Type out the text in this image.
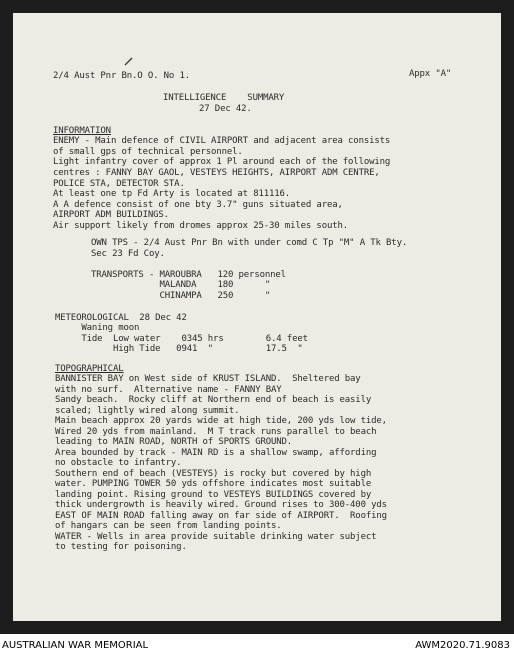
2/4 Aust Pnr Bn.O O. No 1.	Appx "A"
INTELLIGENCE    SUMMARY
27 Dec 42.
INFORMATION
ENEMY - Main defence of CIVIL AIRPORT and adjacent area consists
of small gps of technical personnel.
Light infantry cover of approx 1 Pl around each of the following
centres : FANNY BAY GAOL, VESTEYS HEIGHTS, AIRPORT ADM CENTRE,
POLICE STA, DETECTOR STA.
At least one tp Fd Arty is located at 811116.
A A defence consist of one bty 3.7" guns situated area,
AIRPORT ADM BUILDINGS.
Air support likely from dromes approx 25-30 miles south.
OWN TPS - 2/4 Aust Pnr Bn with under comd C Tp "M" A Tk Bty.
Sec 23 Fd Coy.
TRANSPORTS - MAROUBRA   120 personnel
MALANDA    180      "
CHINAMPA   250      "
METEOROLOGICAL  28 Dec 42
Waning moon
Tide  Low water    0345 hrs        6.4 feet
High Tide   0941  "          17.5  "
TOPOGRAPHICAL
BANNISTER BAY on West side of KRUST ISLAND.  Sheltered bay
with no surf.  Alternative name - FANNY BAY
Sandy beach.  Rocky cliff at Northern end of beach is easily
scaled; lightly wired along summit.
Main beach approx 20 yards wide at high tide, 200 yds low tide,
Wired 20 yds from mainland.  M T track runs parallel to beach
leading to MAIN ROAD, NORTH of SPORTS GROUND.
Area bounded by track - MAIN RD is a shallow swamp, affording
no obstacle to infantry.
Southern end of beach (VESTEYS) is rocky but covered by high
water. PUMPING TOWER 50 yds offshore indicates most suitable
landing point. Rising ground to VESTEYS BUILDINGS covered by
thick undergrowth is heavily wired. Ground rises to 300-400 yds
EAST OF MAIN ROAD falling away on far side of AIRPORT.  Roofing
of hangars can be seen from landing points.
WATER - Wells in area provide suitable drinking water subject
to testing for poisoning.
AUSTRALIAN WAR MEMORIAL	AWM2020.71.9083
